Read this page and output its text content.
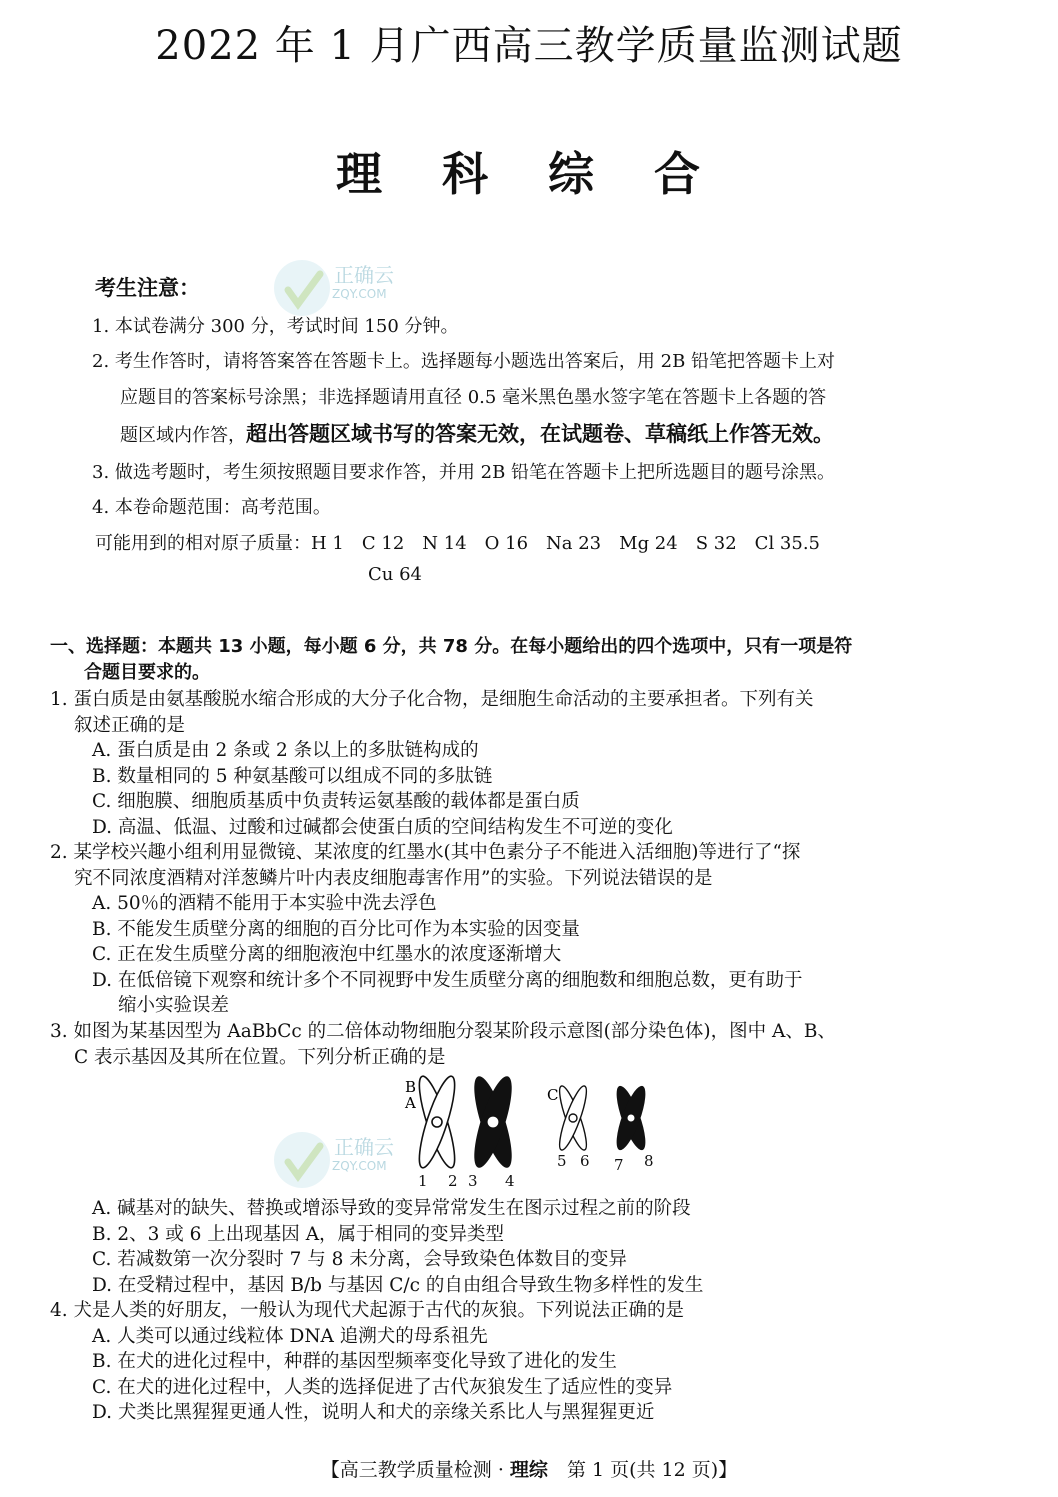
2022 年 1 月广西高三教学质量监测试题
理 科 综 合
正确云
ZQY.COM
正确云
ZQY.COM
考生注意：
1. 本试卷满分 300 分，考试时间 150 分钟。
2. 考生作答时，请将答案答在答题卡上。选择题每小题选出答案后，用 2B 铅笔把答题卡上对
应题目的答案标号涂黑；非选择题请用直径 0.5 毫米黑色墨水签字笔在答题卡上各题的答
题区域内作答，超出答题区域书写的答案无效，在试题卷、草稿纸上作答无效。
3. 做选考题时，考生须按照题目要求作答，并用 2B 铅笔在答题卡上把所选题目的题号涂黑。
4. 本卷命题范围：高考范围。
可能用到的相对原子质量：H 1　C 12　N 14　O 16　Na 23　Mg 24　S 32　Cl 35.5
Cu 64
一、选择题：本题共 13 小题，每小题 6 分，共 78 分。在每小题给出的四个选项中，只有一项是符
合题目要求的。
1. 蛋白质是由氨基酸脱水缩合形成的大分子化合物，是细胞生命活动的主要承担者。下列有关
叙述正确的是
A. 蛋白质是由 2 条或 2 条以上的多肽链构成的
B. 数量相同的 5 种氨基酸可以组成不同的多肽链
C. 细胞膜、细胞质基质中负责转运氨基酸的载体都是蛋白质
D. 高温、低温、过酸和过碱都会使蛋白质的空间结构发生不可逆的变化
2. 某学校兴趣小组利用显微镜、某浓度的红墨水(其中色素分子不能进入活细胞)等进行了“探
究不同浓度酒精对洋葱鳞片叶内表皮细胞毒害作用”的实验。下列说法错误的是
A. 50％的酒精不能用于本实验中洗去浮色
B. 不能发生质壁分离的细胞的百分比可作为本实验的因变量
C. 正在发生质壁分离的细胞液泡中红墨水的浓度逐渐增大
D. 在低倍镜下观察和统计多个不同视野中发生质壁分离的细胞数和细胞总数，更有助于
缩小实验误差
3. 如图为某基因型为 AaBbCc 的二倍体动物细胞分裂某阶段示意图(部分染色体)，图中 A、B、
C 表示基因及其所在位置。下列分析正确的是
B
A	C
1 2 3 4
5 6 7 8
A. 碱基对的缺失、替换或增添导致的变异常常发生在图示过程之前的阶段
B. 2、3 或 6 上出现基因 A，属于相同的变异类型
C. 若减数第一次分裂时 7 与 8 未分离，会导致染色体数目的变异
D. 在受精过程中，基因 B/b 与基因 C/c 的自由组合导致生物多样性的发生
4. 犬是人类的好朋友，一般认为现代犬起源于古代的灰狼。下列说法正确的是
A. 人类可以通过线粒体 DNA 追溯犬的母系祖先
B. 在犬的进化过程中，种群的基因型频率变化导致了进化的发生
C. 在犬的进化过程中，人类的选择促进了古代灰狼发生了适应性的变异
D. 犬类比黑猩猩更通人性，说明人和犬的亲缘关系比人与黑猩猩更近
【高三教学质量检测 · 理综　第 1 页(共 12 页)】
